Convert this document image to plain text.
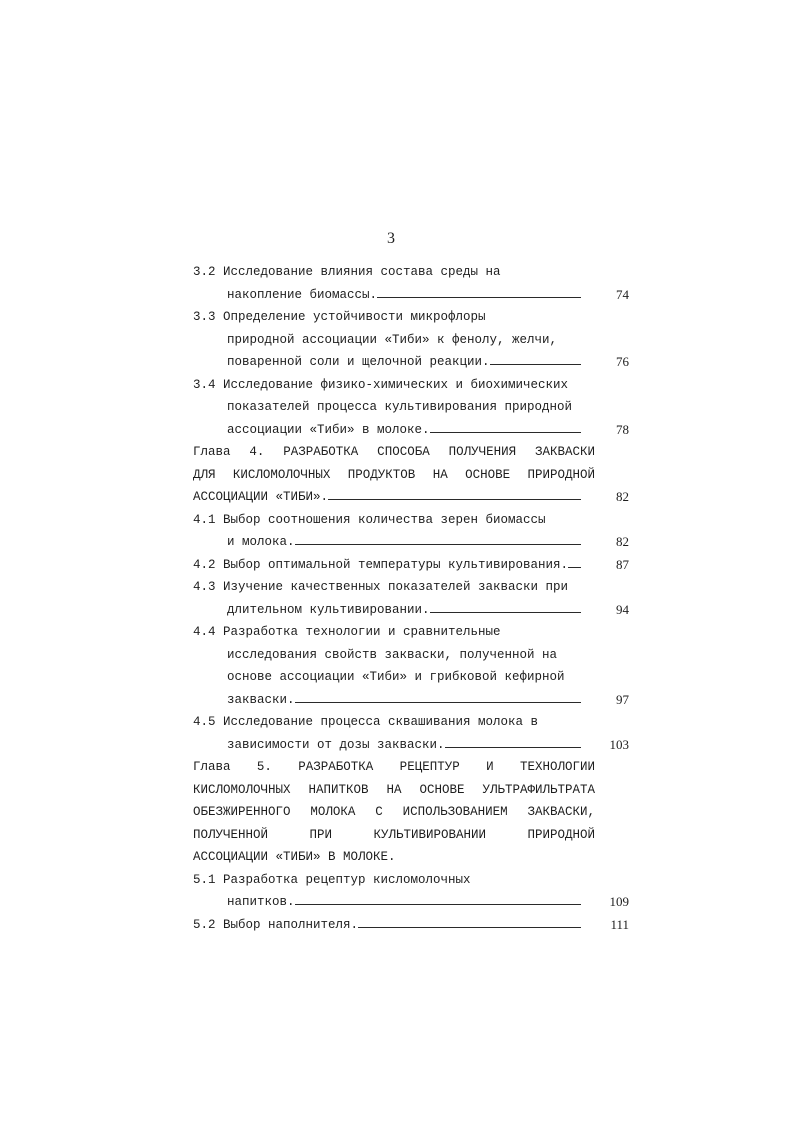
3
3.2 Исследование влияния состава среды на
накопление биомассы.	74
3.3 Определение устойчивости микрофлоры
природной ассоциации «Тиби» к фенолу, желчи,
поваренной соли и щелочной реакции.	76
3.4 Исследование физико-химических и биохимических
показателей процесса культивирования природной
ассоциации «Тиби» в молоке.	78
Глава 4. РАЗРАБОТКА СПОСОБА ПОЛУЧЕНИЯ ЗАКВАСКИ
ДЛЯ КИСЛОМОЛОЧНЫХ ПРОДУКТОВ НА ОСНОВЕ ПРИРОДНОЙ
АССОЦИАЦИИ «ТИБИ».	82
4.1 Выбор соотношения количества зерен биомассы
и молока.	82
4.2 Выбор оптимальной температуры культивирования.	87
4.3 Изучение качественных показателей закваски при
длительном культивировании.	94
4.4 Разработка технологии и сравнительные
исследования свойств закваски, полученной на
основе ассоциации «Тиби» и грибковой кефирной
закваски.	97
4.5 Исследование процесса сквашивания молока в
зависимости от дозы закваски.	103
Глава 5. РАЗРАБОТКА РЕЦЕПТУР И ТЕХНОЛОГИИ
КИСЛОМОЛОЧНЫХ НАПИТКОВ НА ОСНОВЕ УЛЬТРАФИЛЬТРАТА
ОБЕЗЖИРЕННОГО МОЛОКА С ИСПОЛЬЗОВАНИЕМ ЗАКВАСКИ,
ПОЛУЧЕННОЙ ПРИ КУЛЬТИВИРОВАНИИ ПРИРОДНОЙ
АССОЦИАЦИИ «ТИБИ» В МОЛОКЕ.
5.1 Разработка рецептур кисломолочных
напитков.	109
5.2 Выбор наполнителя.	111
